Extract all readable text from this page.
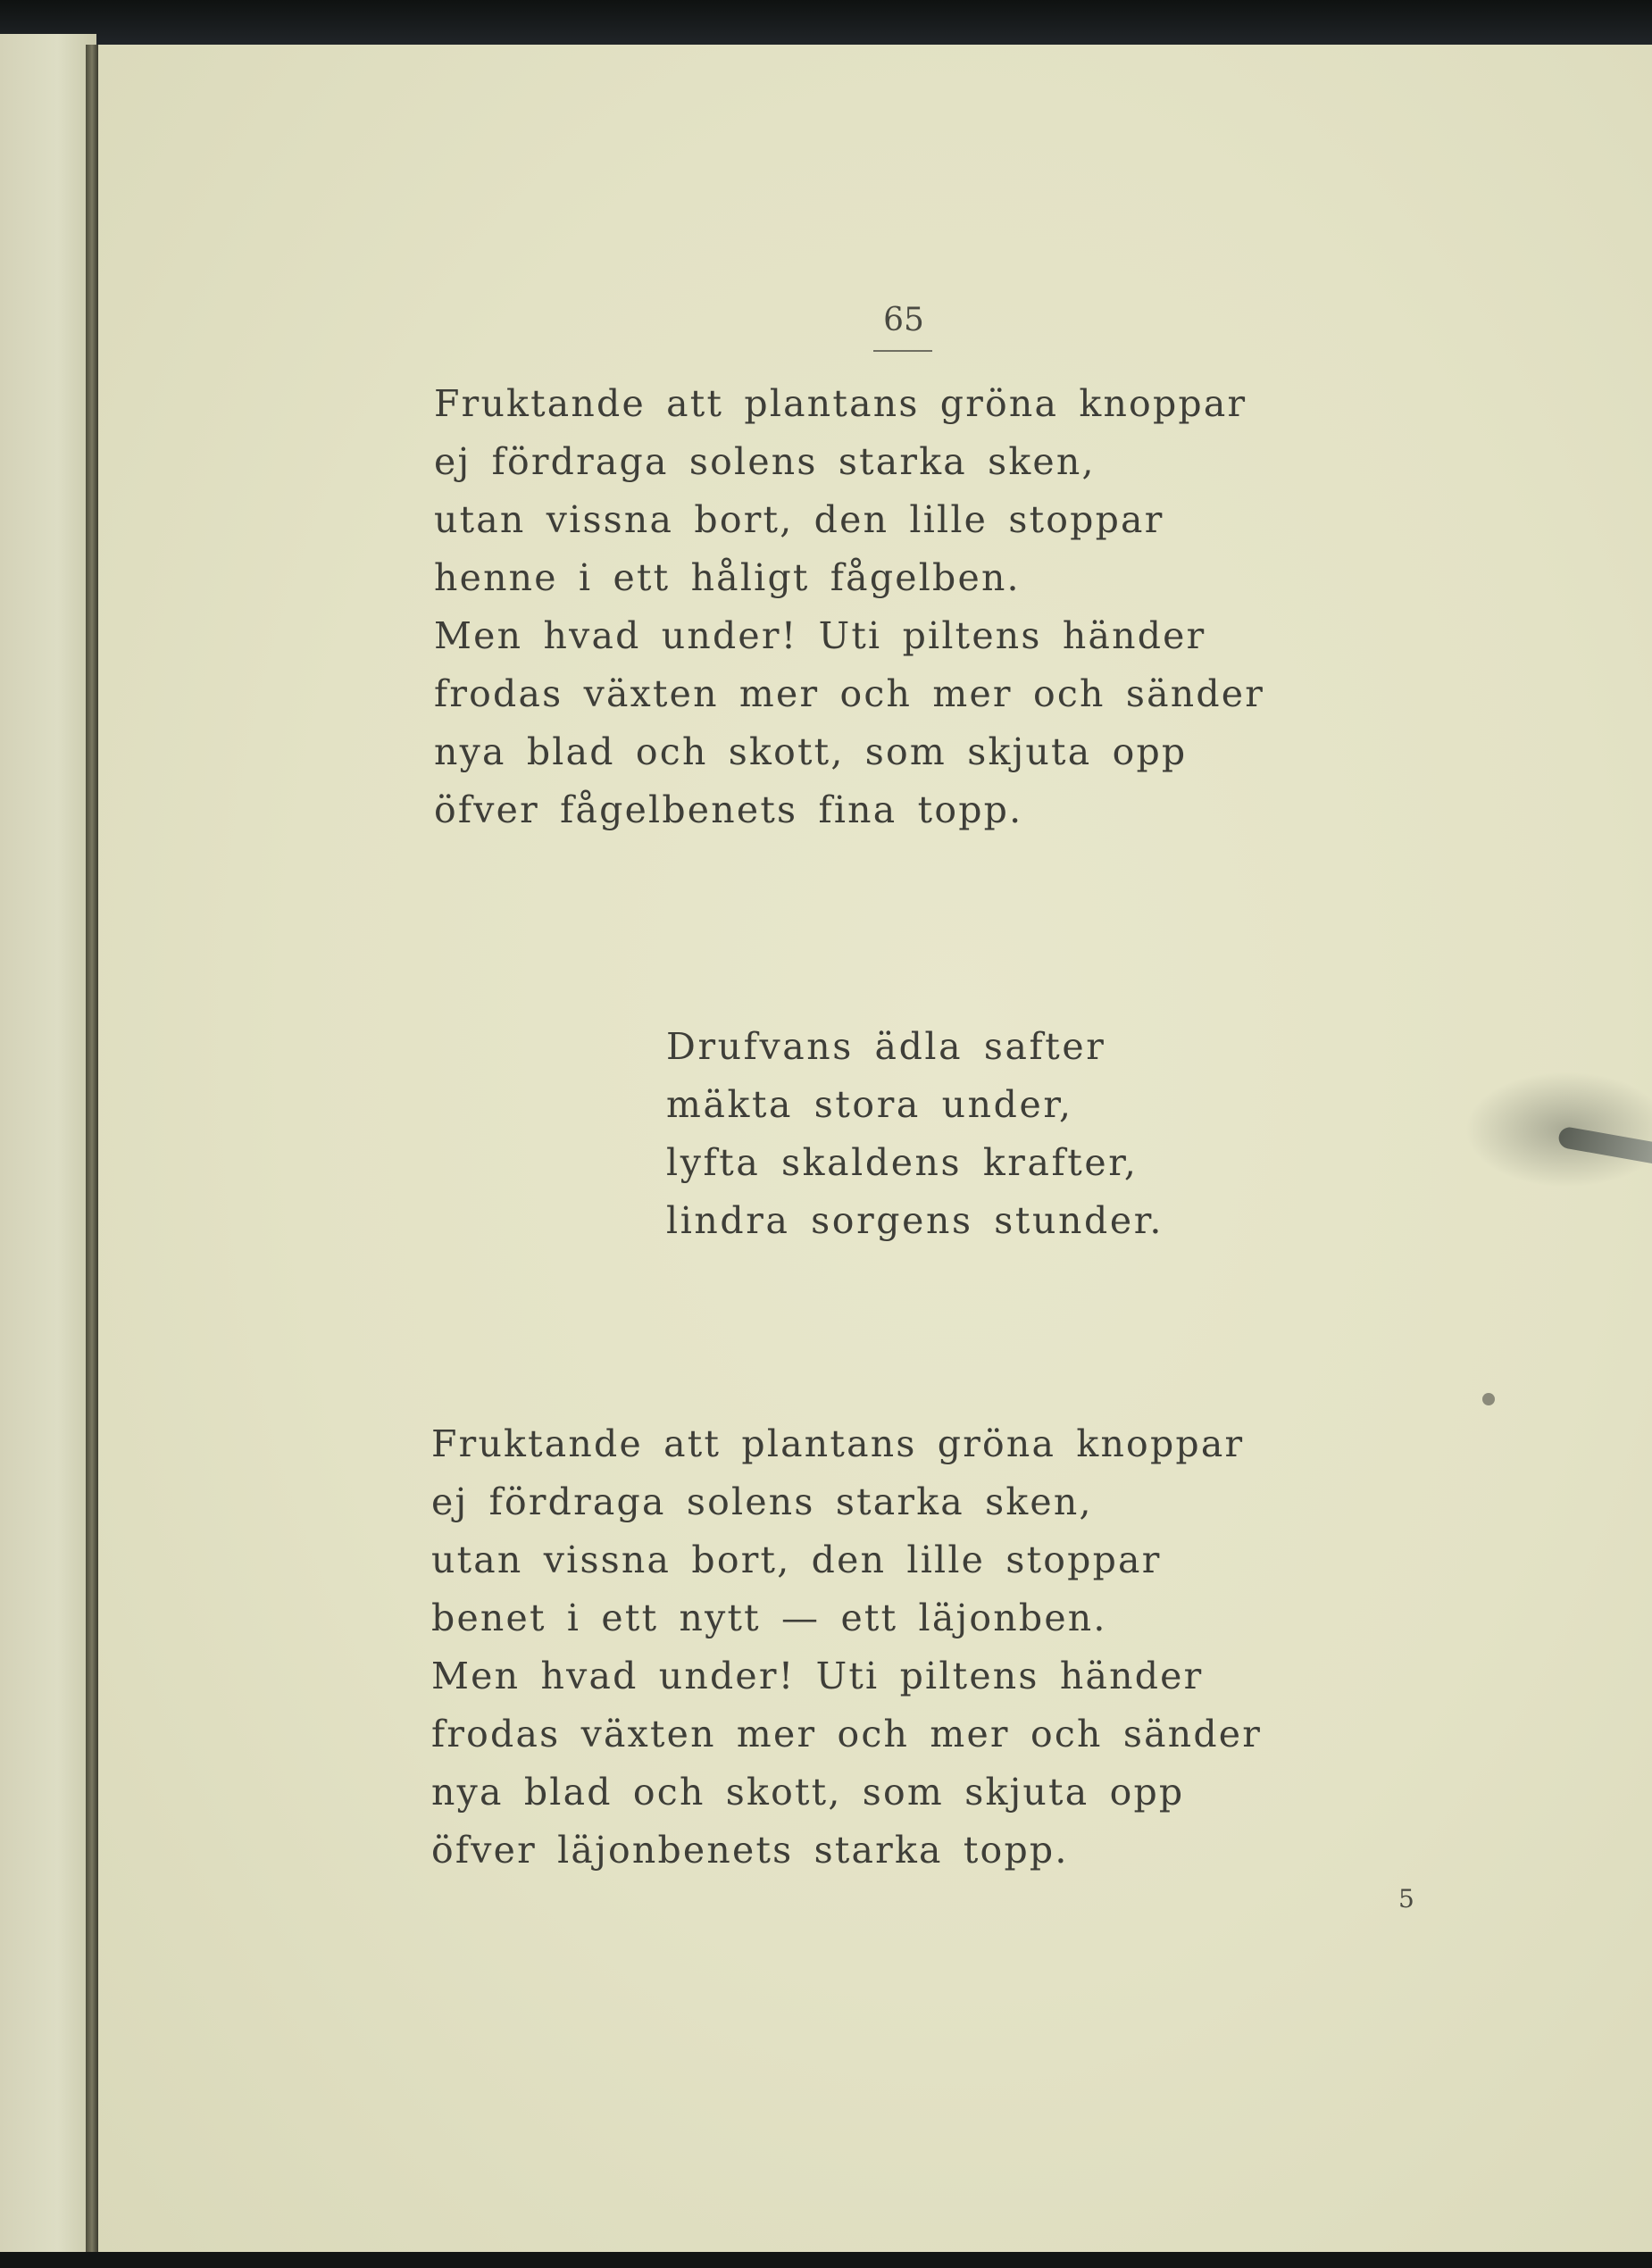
65
Fruktande att plantans gröna knoppar
ej fördraga solens starka sken,
utan vissna bort, den lille stoppar
henne i ett håligt fågelben.
Men hvad under! Uti piltens händer
frodas växten mer och mer och sänder
nya blad och skott, som skjuta opp
öfver fågelbenets fina topp.
Drufvans ädla safter
mäkta stora under,
lyfta skaldens krafter,
lindra sorgens stunder.
Fruktande att plantans gröna knoppar
ej fördraga solens starka sken,
utan vissna bort, den lille stoppar
benet i ett nytt — ett läjonben.
Men hvad under! Uti piltens händer
frodas växten mer och mer och sänder
nya blad och skott, som skjuta opp
öfver läjonbenets starka topp.
5
